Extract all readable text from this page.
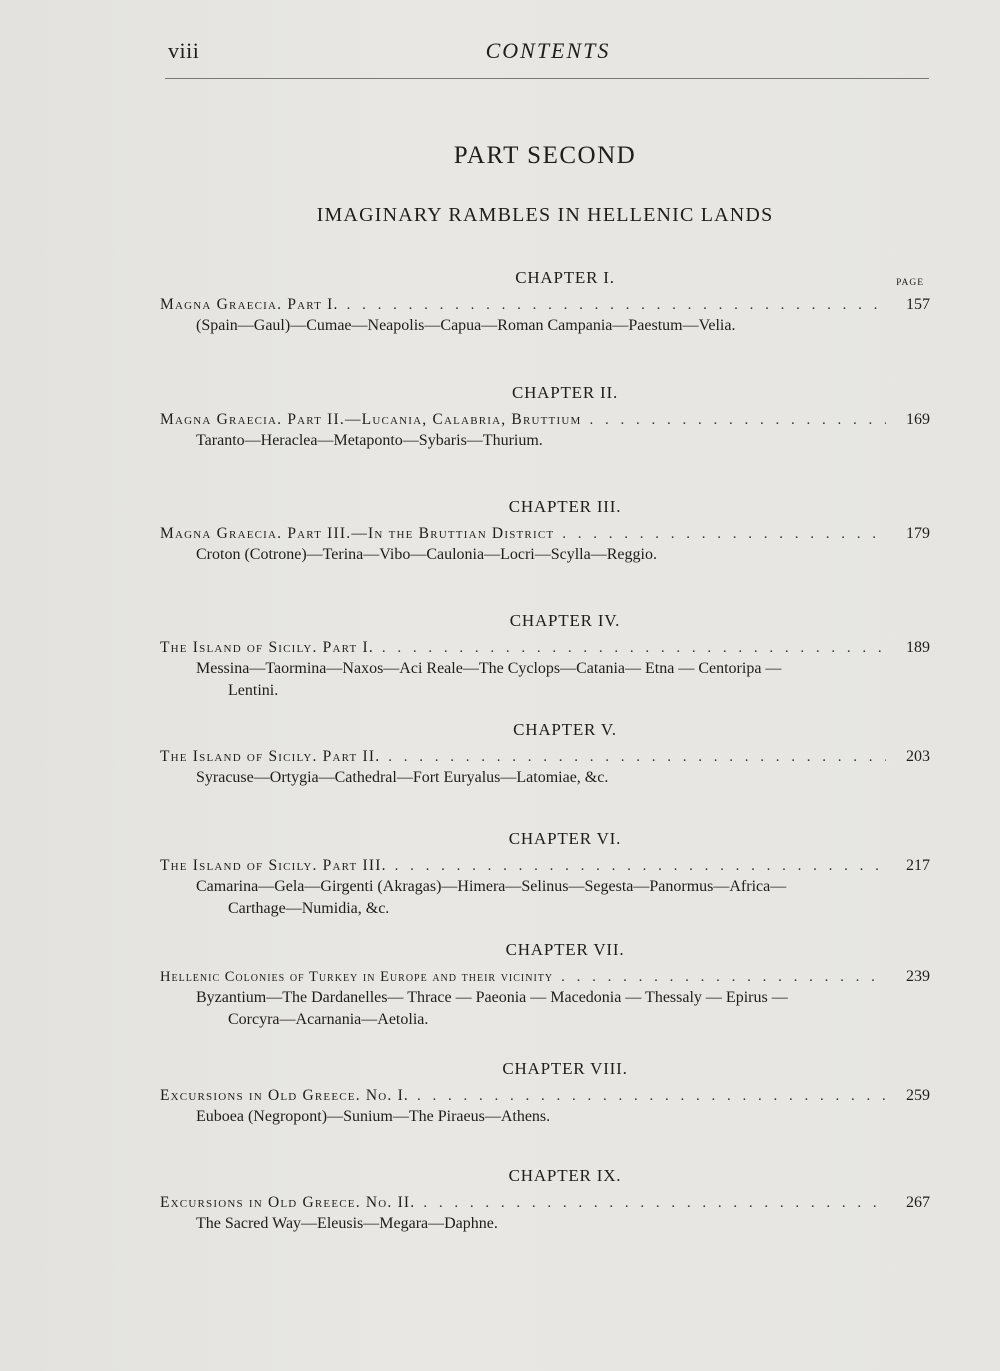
viii	CONTENTS
PART SECOND
IMAGINARY RAMBLES IN HELLENIC LANDS
CHAPTER I.	PAGE
Magna Graecia. Part I. . . .	157
(Spain—Gaul)—Cumae—Neapolis—Capua—Roman Campania—Paestum—Velia.
CHAPTER II.
Magna Graecia. Part II.—Lucania, Calabria, Bruttium . . .	169
Taranto—Heraclea—Metaponto—Sybaris—Thurium.
CHAPTER III.
Magna Graecia. Part III.—In the Bruttian District . . .	179
Croton (Cotrone)—Terina—Vibo—Caulonia—Locri—Scylla—Reggio.
CHAPTER IV.
The Island of Sicily. Part I. . . .	189
Messina—Taormina—Naxos—Aci Reale—The Cyclops—Catania— Etna — Centoripa —
Lentini.
CHAPTER V.
The Island of Sicily. Part II. . . .	203
Syracuse—Ortygia—Cathedral—Fort Euryalus—Latomiae, &c.
CHAPTER VI.
The Island of Sicily. Part III. . . .	217
Camarina—Gela—Girgenti (Akragas)—Himera—Selinus—Segesta—Panormus—Africa—
Carthage—Numidia, &c.
CHAPTER VII.
Hellenic Colonies of Turkey in Europe and their vicinity . . .	239
Byzantium—The Dardanelles— Thrace — Paeonia — Macedonia — Thessaly — Epirus —
Corcyra—Acarnania—Aetolia.
CHAPTER VIII.
Excursions in Old Greece. No. I. . . .	259
Euboea (Negropont)—Sunium—The Piraeus—Athens.
CHAPTER IX.
Excursions in Old Greece. No. II. . . .	267
The Sacred Way—Eleusis—Megara—Daphne.
